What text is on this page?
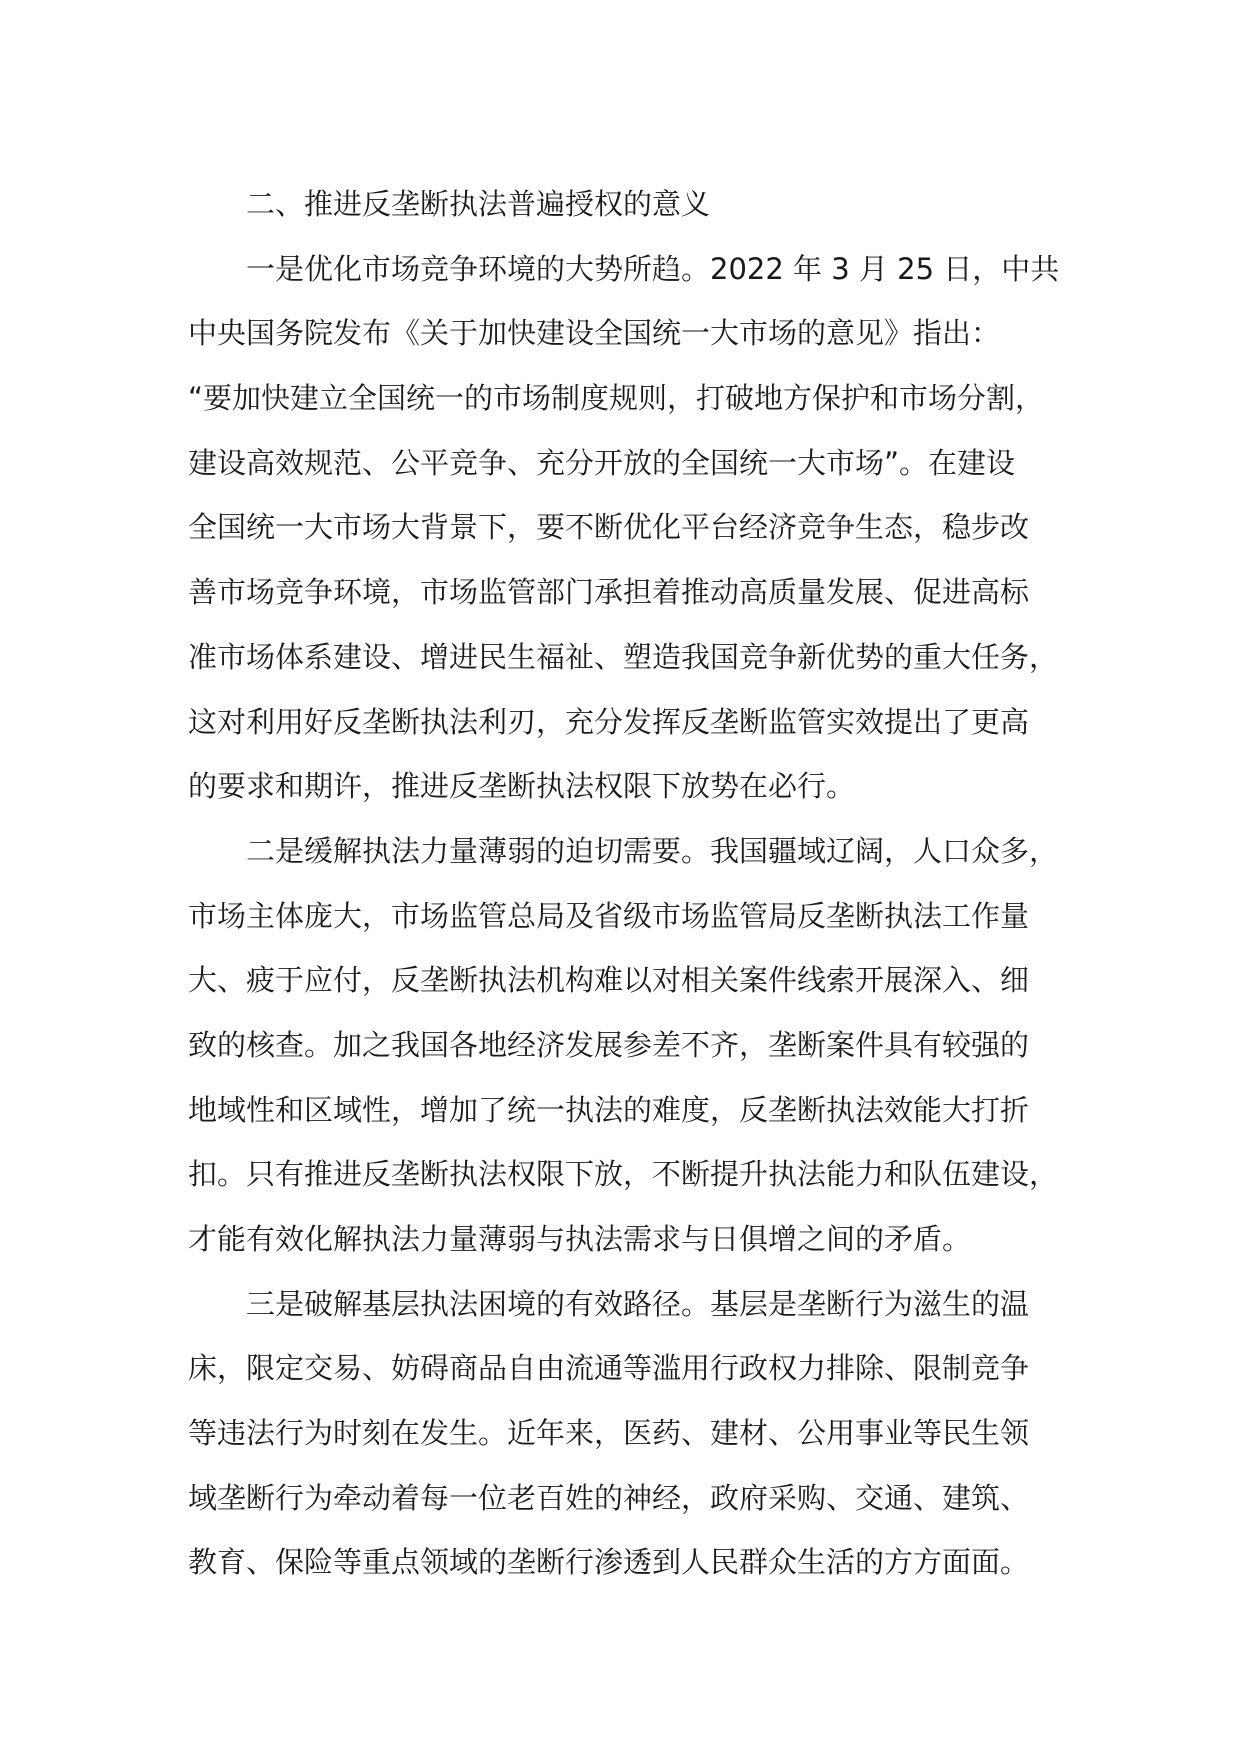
二、推进反垄断执法普遍授权的意义
一是优化市场竞争环境的大势所趋。2022 年 3 月 25 日，中共
中央国务院发布《关于加快建设全国统一大市场的意见》指出：
“要加快建立全国统一的市场制度规则，打破地方保护和市场分割，
建设高效规范、公平竞争、充分开放的全国统一大市场”。在建设
全国统一大市场大背景下，要不断优化平台经济竞争生态，稳步改
善市场竞争环境，市场监管部门承担着推动高质量发展、促进高标
准市场体系建设、增进民生福祉、塑造我国竞争新优势的重大任务，
这对利用好反垄断执法利刃，充分发挥反垄断监管实效提出了更高
的要求和期许，推进反垄断执法权限下放势在必行。
二是缓解执法力量薄弱的迫切需要。我国疆域辽阔，人口众多，
市场主体庞大，市场监管总局及省级市场监管局反垄断执法工作量
大、疲于应付，反垄断执法机构难以对相关案件线索开展深入、细
致的核查。加之我国各地经济发展参差不齐，垄断案件具有较强的
地域性和区域性，增加了统一执法的难度，反垄断执法效能大打折
扣。只有推进反垄断执法权限下放，不断提升执法能力和队伍建设，
才能有效化解执法力量薄弱与执法需求与日俱增之间的矛盾。
三是破解基层执法困境的有效路径。基层是垄断行为滋生的温
床，限定交易、妨碍商品自由流通等滥用行政权力排除、限制竞争
等违法行为时刻在发生。近年来，医药、建材、公用事业等民生领
域垄断行为牵动着每一位老百姓的神经，政府采购、交通、建筑、
教育、保险等重点领域的垄断行渗透到人民群众生活的方方面面。
